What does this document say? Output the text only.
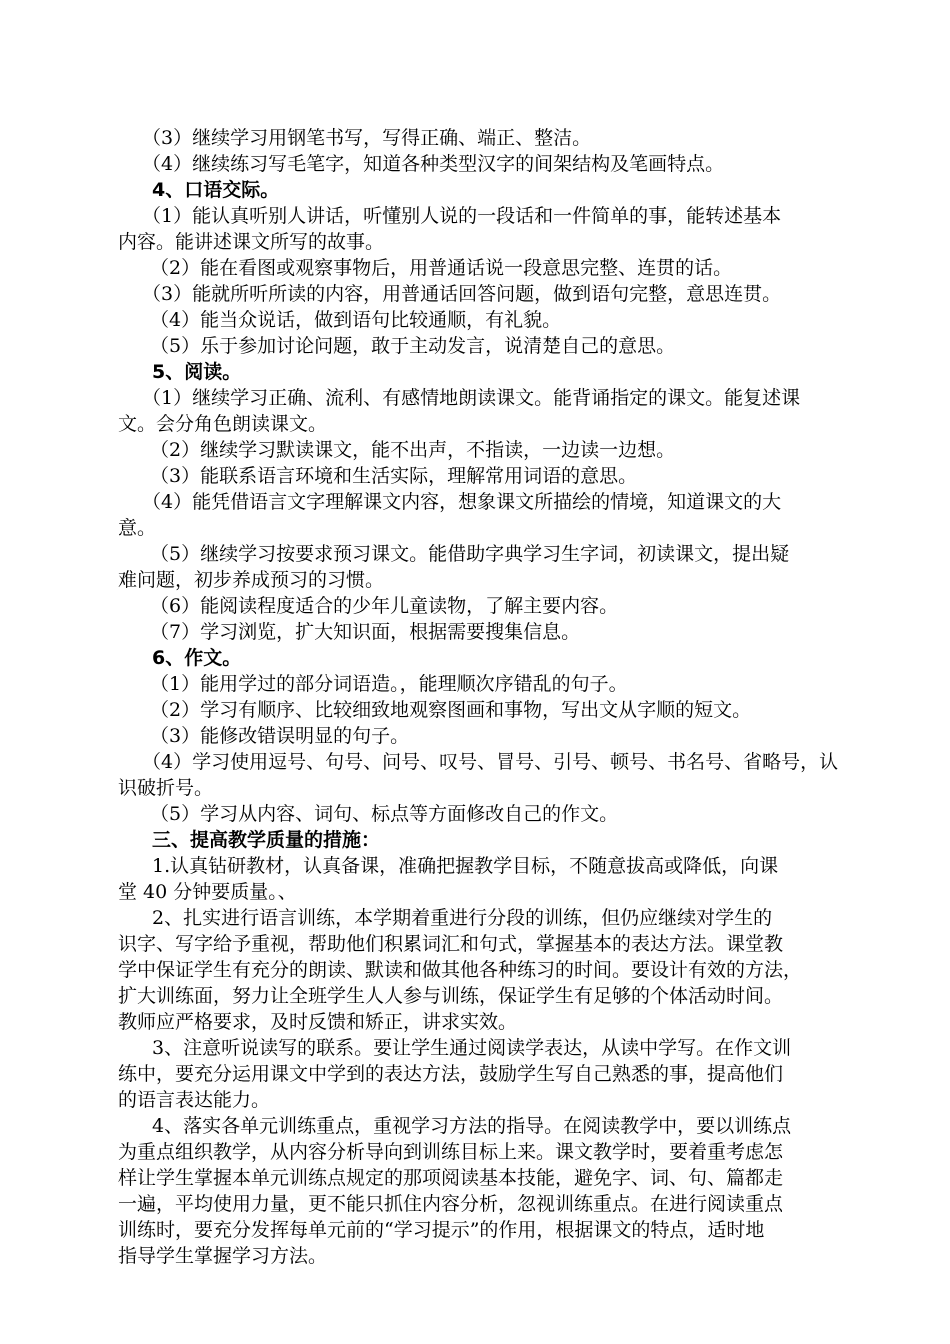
（3）继续学习用钢笔书写，写得正确、端正、整洁。
（4）继续练习写毛笔字，知道各种类型汉字的间架结构及笔画特点。
4、口语交际。
（1）能认真听别人讲话，听懂别人说的一段话和一件简单的事，能转述基本
内容。能讲述课文所写的故事。
（2）能在看图或观察事物后，用普通话说一段意思完整、连贯的话。
（3）能就所听所读的内容，用普通话回答问题，做到语句完整，意思连贯。
（4）能当众说话，做到语句比较通顺，有礼貌。
（5）乐于参加讨论问题，敢于主动发言，说清楚自己的意思。
5、阅读。
（1）继续学习正确、流利、有感情地朗读课文。能背诵指定的课文。能复述课
文。会分角色朗读课文。
（2）继续学习默读课文，能不出声，不指读，一边读一边想。
（3）能联系语言环境和生活实际，理解常用词语的意思。
（4）能凭借语言文字理解课文内容，想象课文所描绘的情境，知道课文的大
意。
（5）继续学习按要求预习课文。能借助字典学习生字词，初读课文，提出疑
难问题，初步养成预习的习惯。
（6）能阅读程度适合的少年儿童读物，了解主要内容。
（7）学习浏览，扩大知识面，根据需要搜集信息。
6、作文。
（1）能用学过的部分词语造。，能理顺次序错乱的句子。
（2）学习有顺序、比较细致地观察图画和事物，写出文从字顺的短文。
（3）能修改错误明显的句子。
（4）学习使用逗号、句号、问号、叹号、冒号、引号、顿号、书名号、省略号，认
识破折号。
（5）学习从内容、词句、标点等方面修改自己的作文。
三、提高教学质量的措施：
1.认真钻研教材，认真备课，准确把握教学目标，不随意拔高或降低，向课
堂 40 分钟要质量。、
2、扎实进行语言训练，本学期着重进行分段的训练，但仍应继续对学生的
识字、写字给予重视，帮助他们积累词汇和句式，掌握基本的表达方法。课堂教
学中保证学生有充分的朗读、默读和做其他各种练习的时间。要设计有效的方法，
扩大训练面，努力让全班学生人人参与训练，保证学生有足够的个体活动时间。
教师应严格要求，及时反馈和矫正，讲求实效。
3、注意听说读写的联系。要让学生通过阅读学表达，从读中学写。在作文训
练中，要充分运用课文中学到的表达方法，鼓励学生写自己熟悉的事，提高他们
的语言表达能力。
4、落实各单元训练重点，重视学习方法的指导。在阅读教学中，要以训练点
为重点组织教学，从内容分析导向到训练目标上来。课文教学时，要着重考虑怎
样让学生掌握本单元训练点规定的那项阅读基本技能，避免字、词、句、篇都走
一遍，平均使用力量，更不能只抓住内容分析，忽视训练重点。在进行阅读重点
训练时，要充分发挥每单元前的“学习提示”的作用，根据课文的特点，适时地
指导学生掌握学习方法。
